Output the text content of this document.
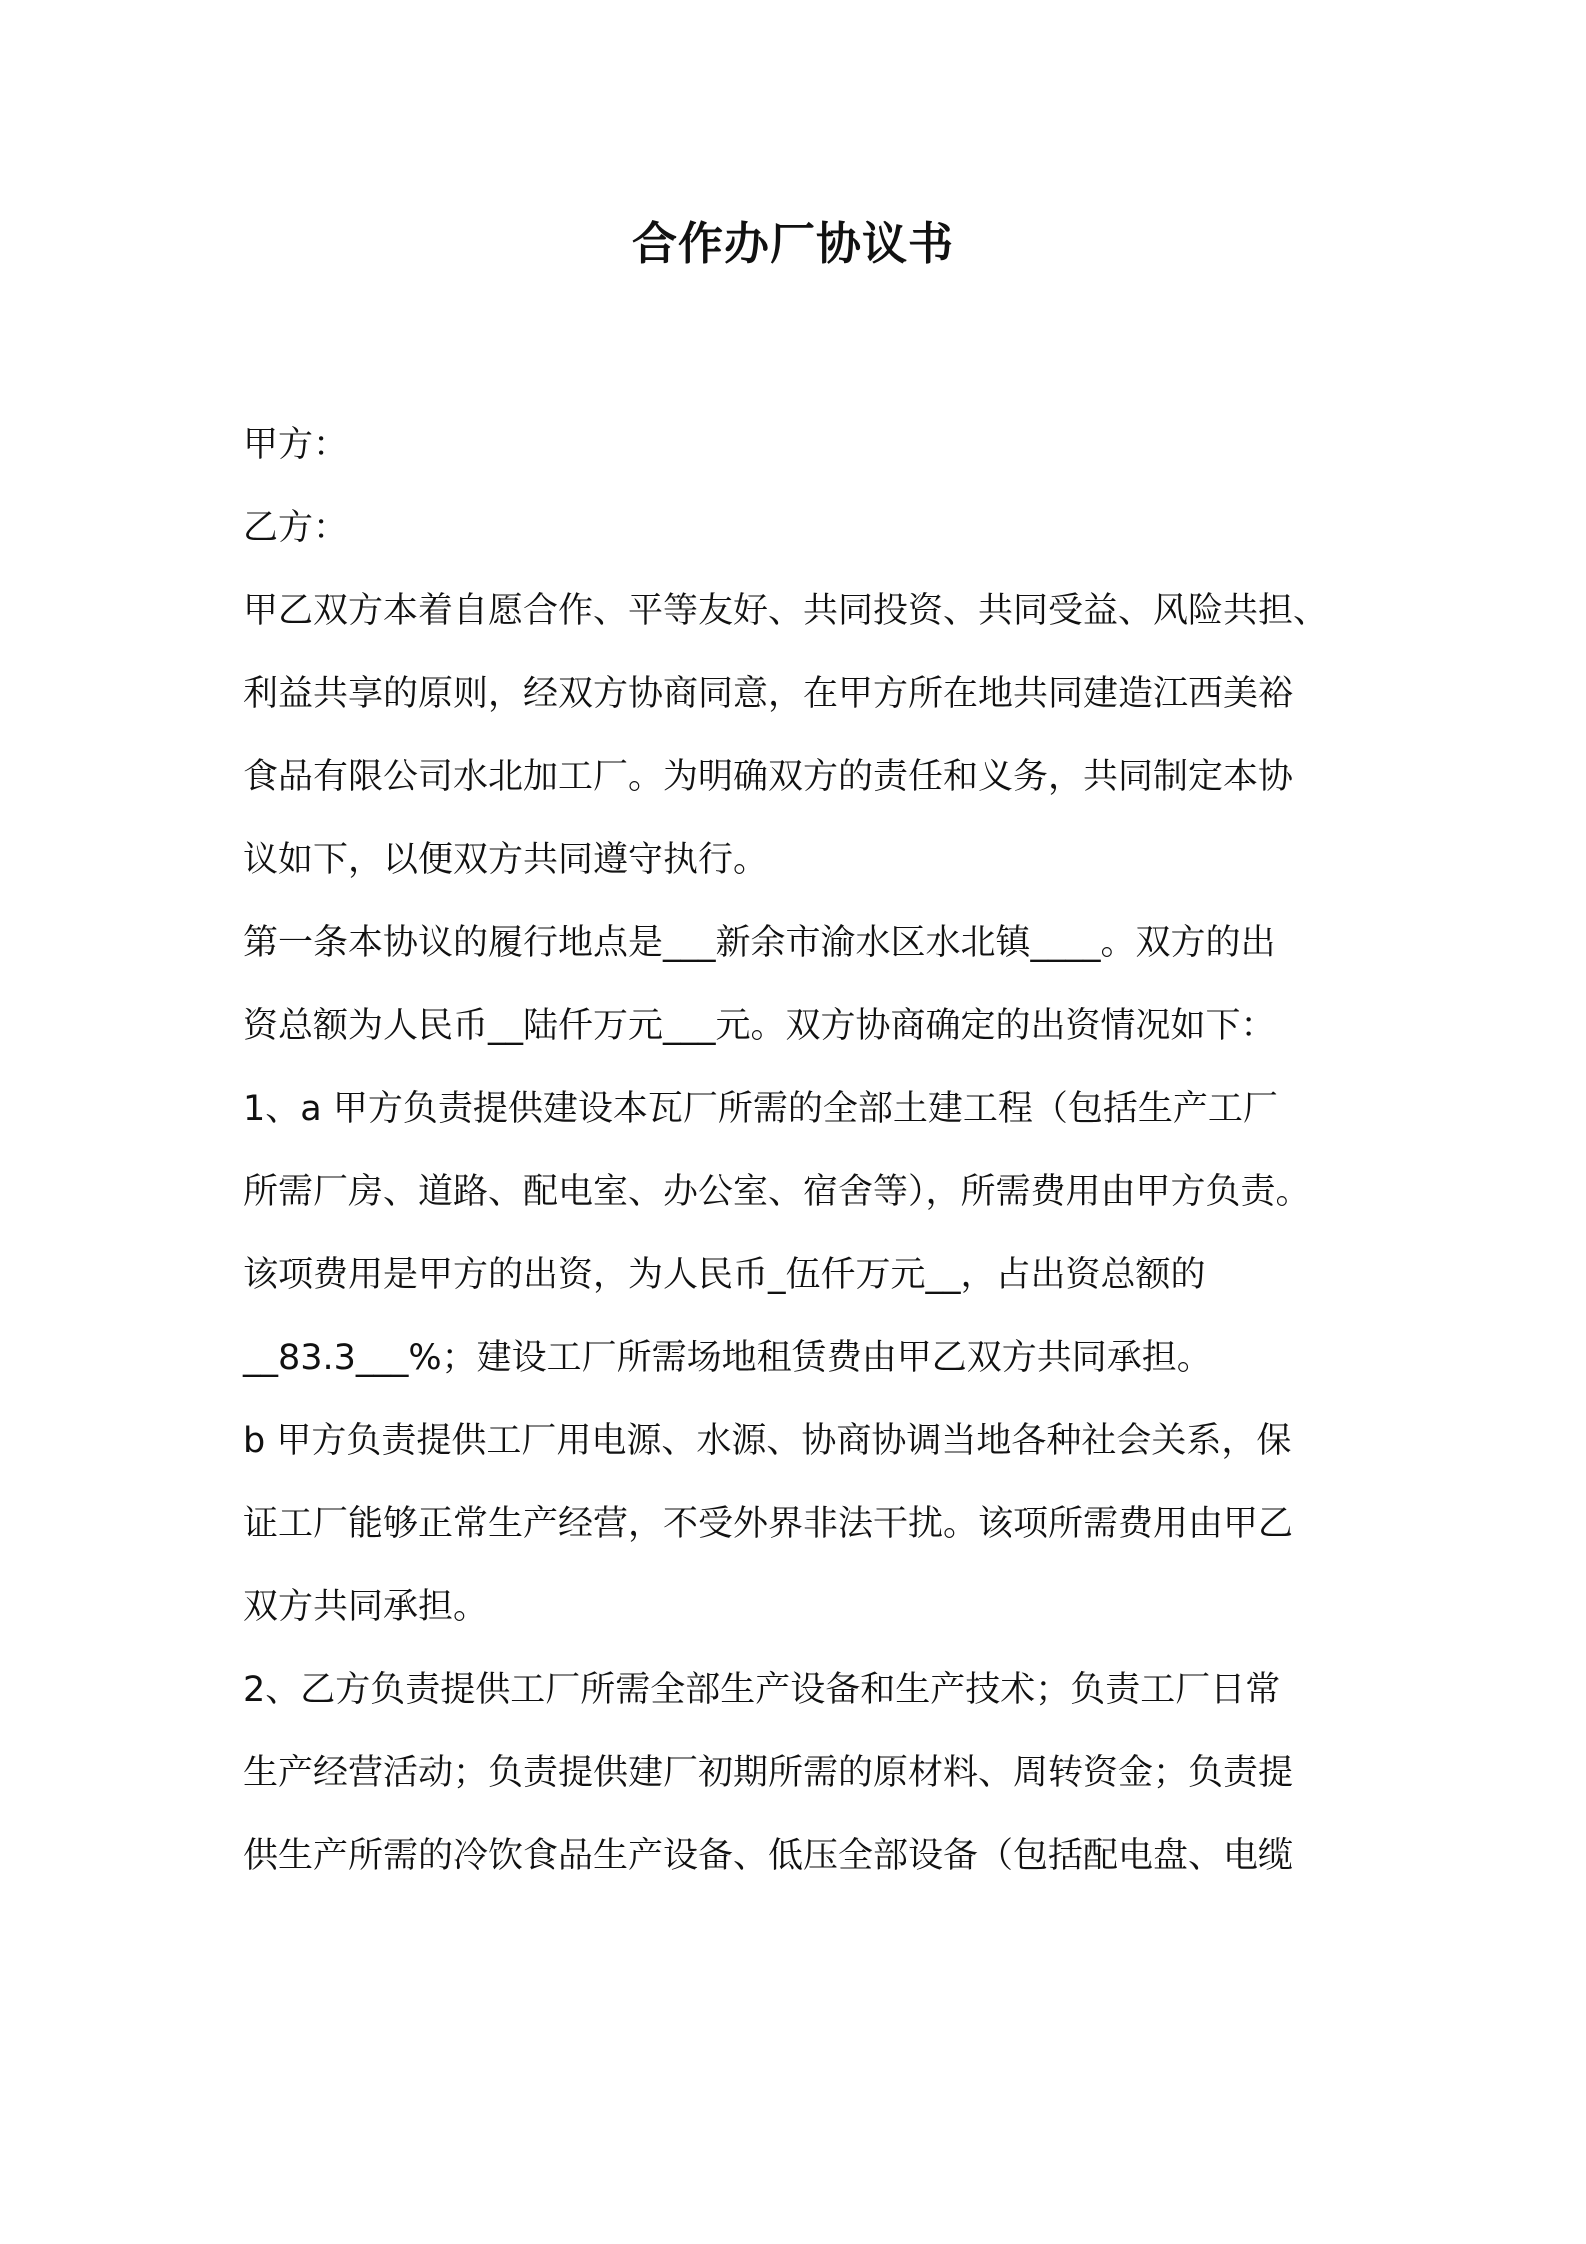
合作办厂协议书
甲方：
乙方：
甲乙双方本着自愿合作、平等友好、共同投资、共同受益、风险共担、
利益共享的原则，经双方协商同意，在甲方所在地共同建造江西美裕
食品有限公司水北加工厂。为明确双方的责任和义务，共同制定本协
议如下，以便双方共同遵守执行。
第一条本协议的履行地点是___新余市渝水区水北镇____。双方的出
资总额为人民币__陆仟万元___元。双方协商确定的出资情况如下：
1、a 甲方负责提供建设本瓦厂所需的全部土建工程（包括生产工厂
所需厂房、道路、配电室、办公室、宿舍等），所需费用由甲方负责。
该项费用是甲方的出资，为人民币_伍仟万元__，占出资总额的
__83.3___%；建设工厂所需场地租赁费由甲乙双方共同承担。
b 甲方负责提供工厂用电源、水源、协商协调当地各种社会关系，保
证工厂能够正常生产经营，不受外界非法干扰。该项所需费用由甲乙
双方共同承担。
2、乙方负责提供工厂所需全部生产设备和生产技术；负责工厂日常
生产经营活动；负责提供建厂初期所需的原材料、周转资金；负责提
供生产所需的冷饮食品生产设备、低压全部设备（包括配电盘、电缆
